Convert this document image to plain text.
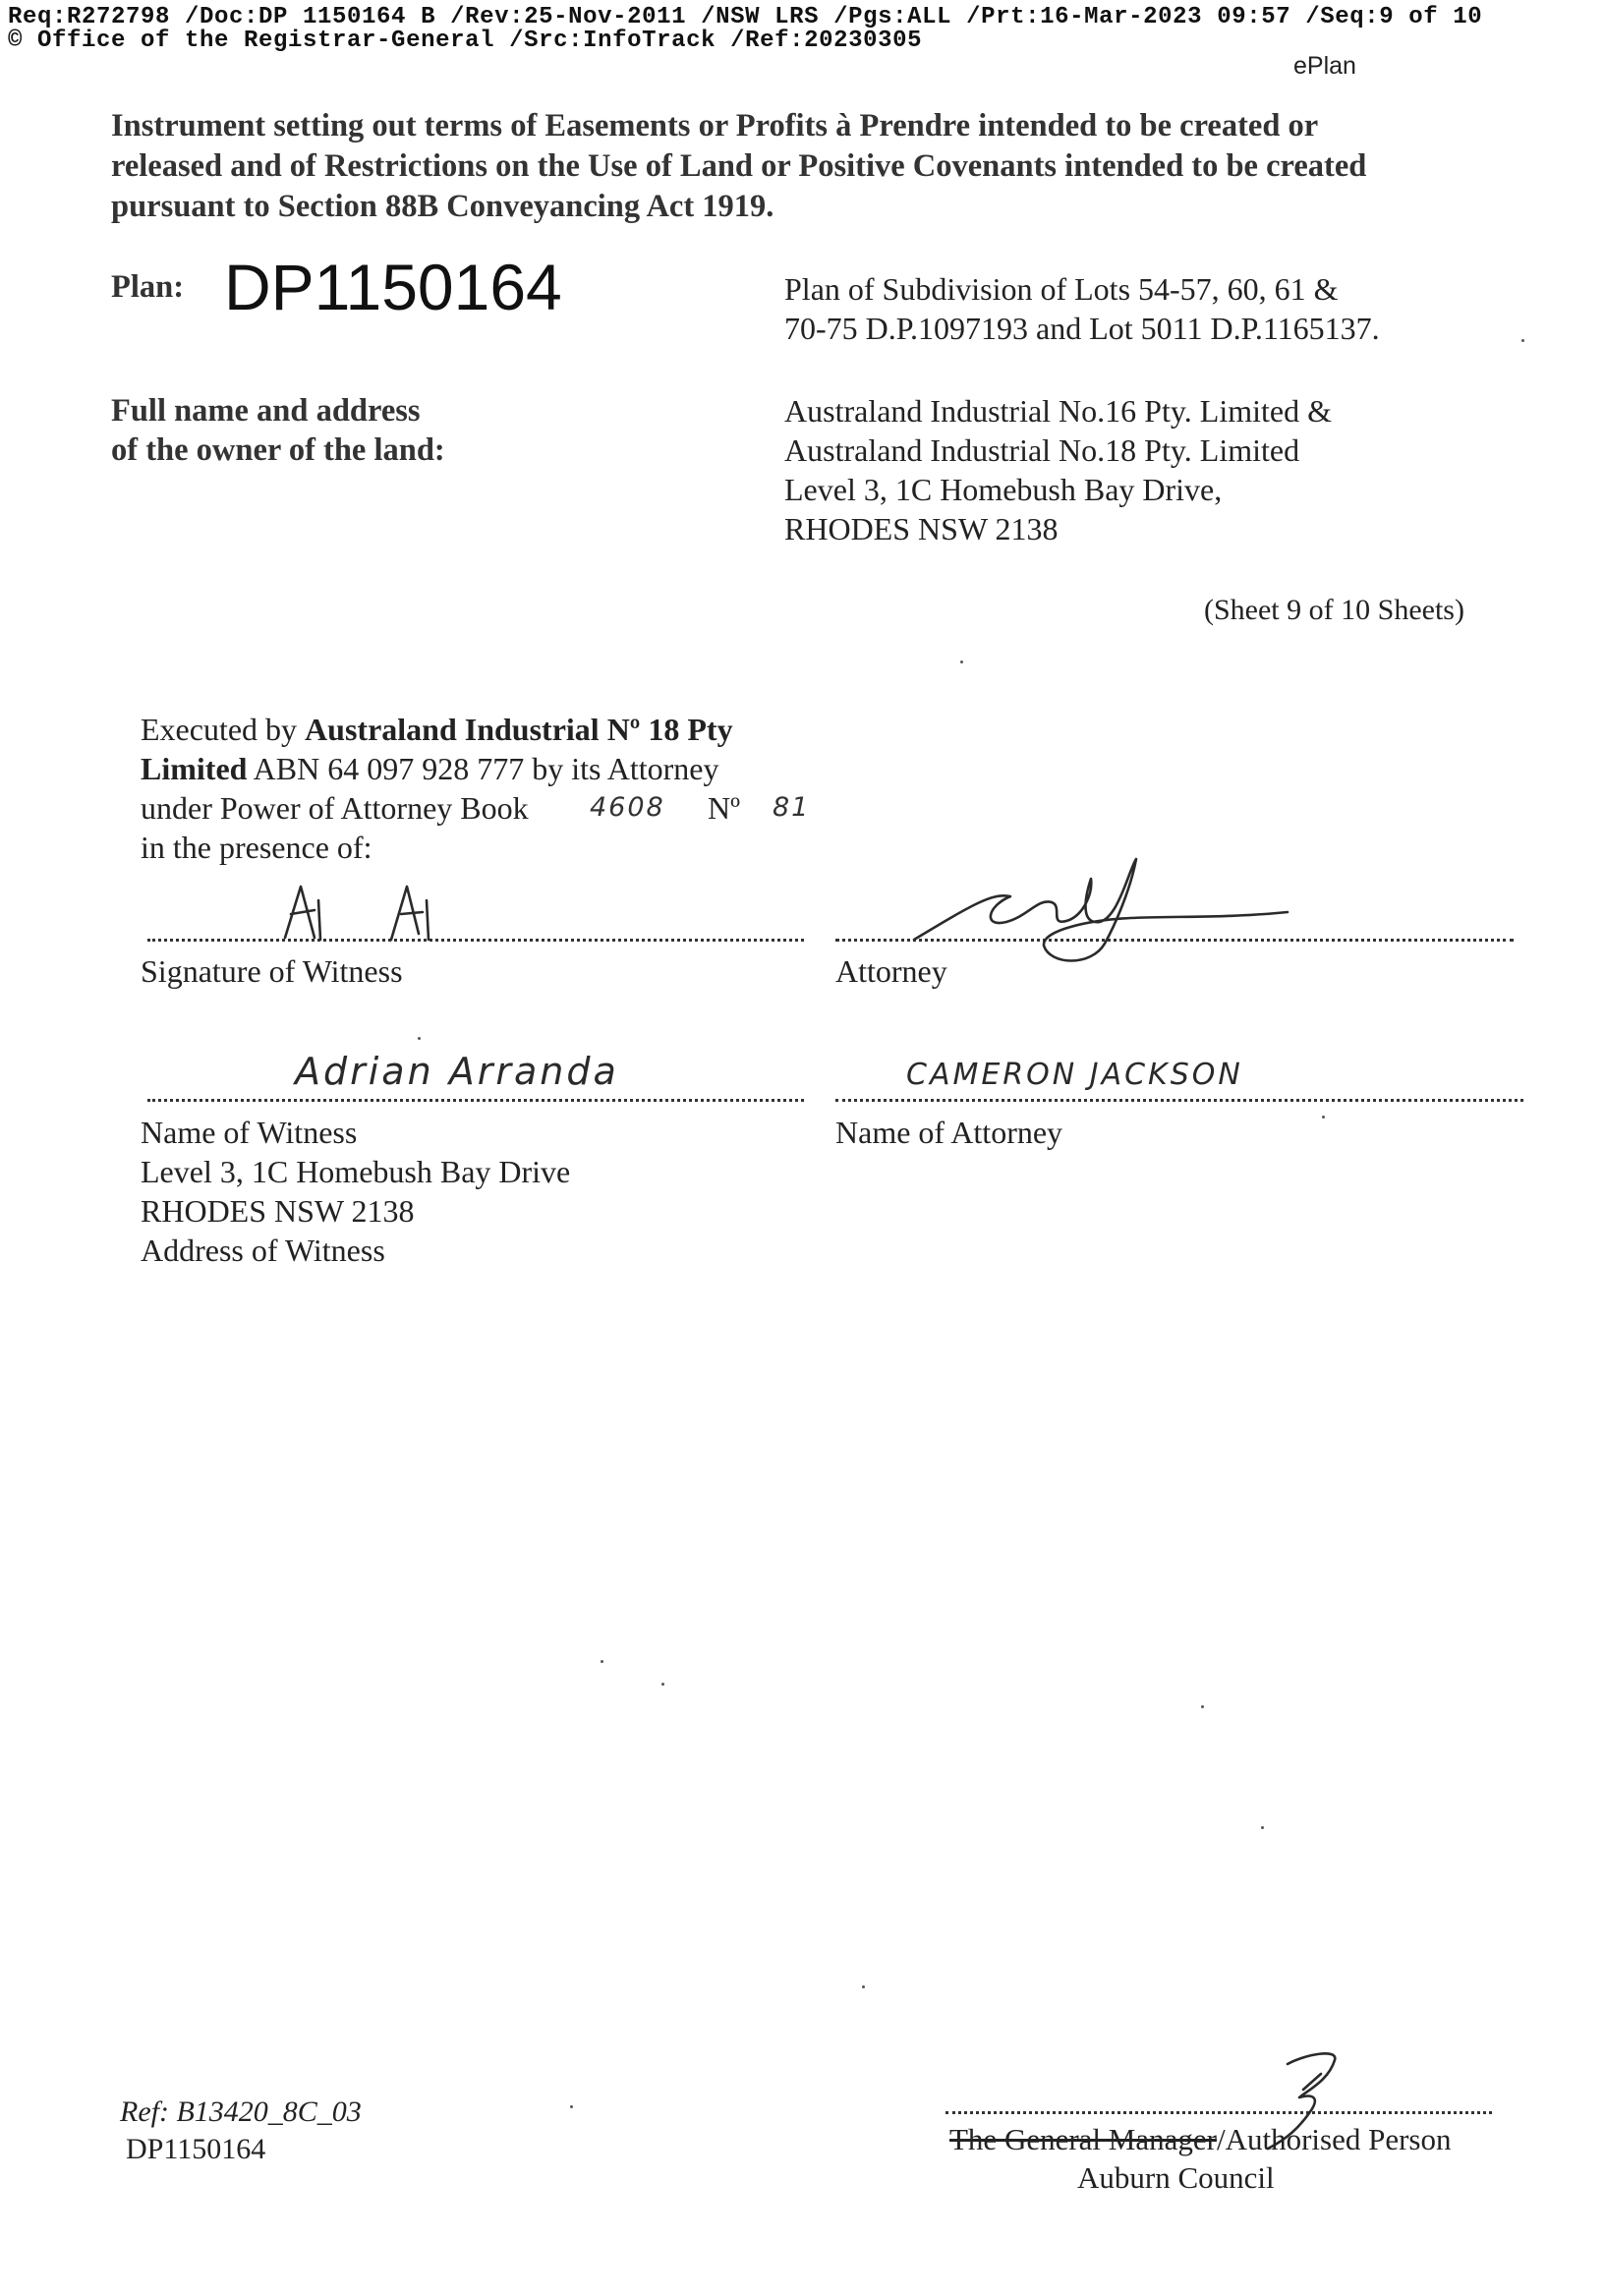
Req:R272798 /Doc:DP 1150164 B /Rev:25-Nov-2011 /NSW LRS /Pgs:ALL /Prt:16-Mar-2023 09:57 /Seq:9 of 10
© Office of the Registrar-General /Src:InfoTrack /Ref:20230305
ePlan
Instrument setting out terms of Easements or Profits à Prendre intended to be created or
released and of Restrictions on the Use of Land or Positive Covenants intended to be created
pursuant to Section 88B Conveyancing Act 1919.
Plan: DP1150164	Plan of Subdivision of Lots 54-57, 60, 61 &
70-75 D.P.1097193 and Lot 5011 D.P.1165137.
Full name and address
of the owner of the land:
Australand Industrial No.16 Pty. Limited &
Australand Industrial No.18 Pty. Limited
Level 3, 1C Homebush Bay Drive,
RHODES NSW 2138
(Sheet 9 of 10 Sheets)
Executed by Australand Industrial Nº 18 Pty
Limited ABN 64 097 928 777 by its Attorney
under Power of Attorney Book 4608 Nº 81
in the presence of:
Signature of Witness	Attorney
Adrian Arranda	CAMERON JACKSON
Name of Witness	Name of Attorney
Level 3, 1C Homebush Bay Drive
RHODES NSW 2138
Address of Witness
Ref: B13420_8C_03
DP1150164	The General Manager/Authorised Person
Auburn Council
